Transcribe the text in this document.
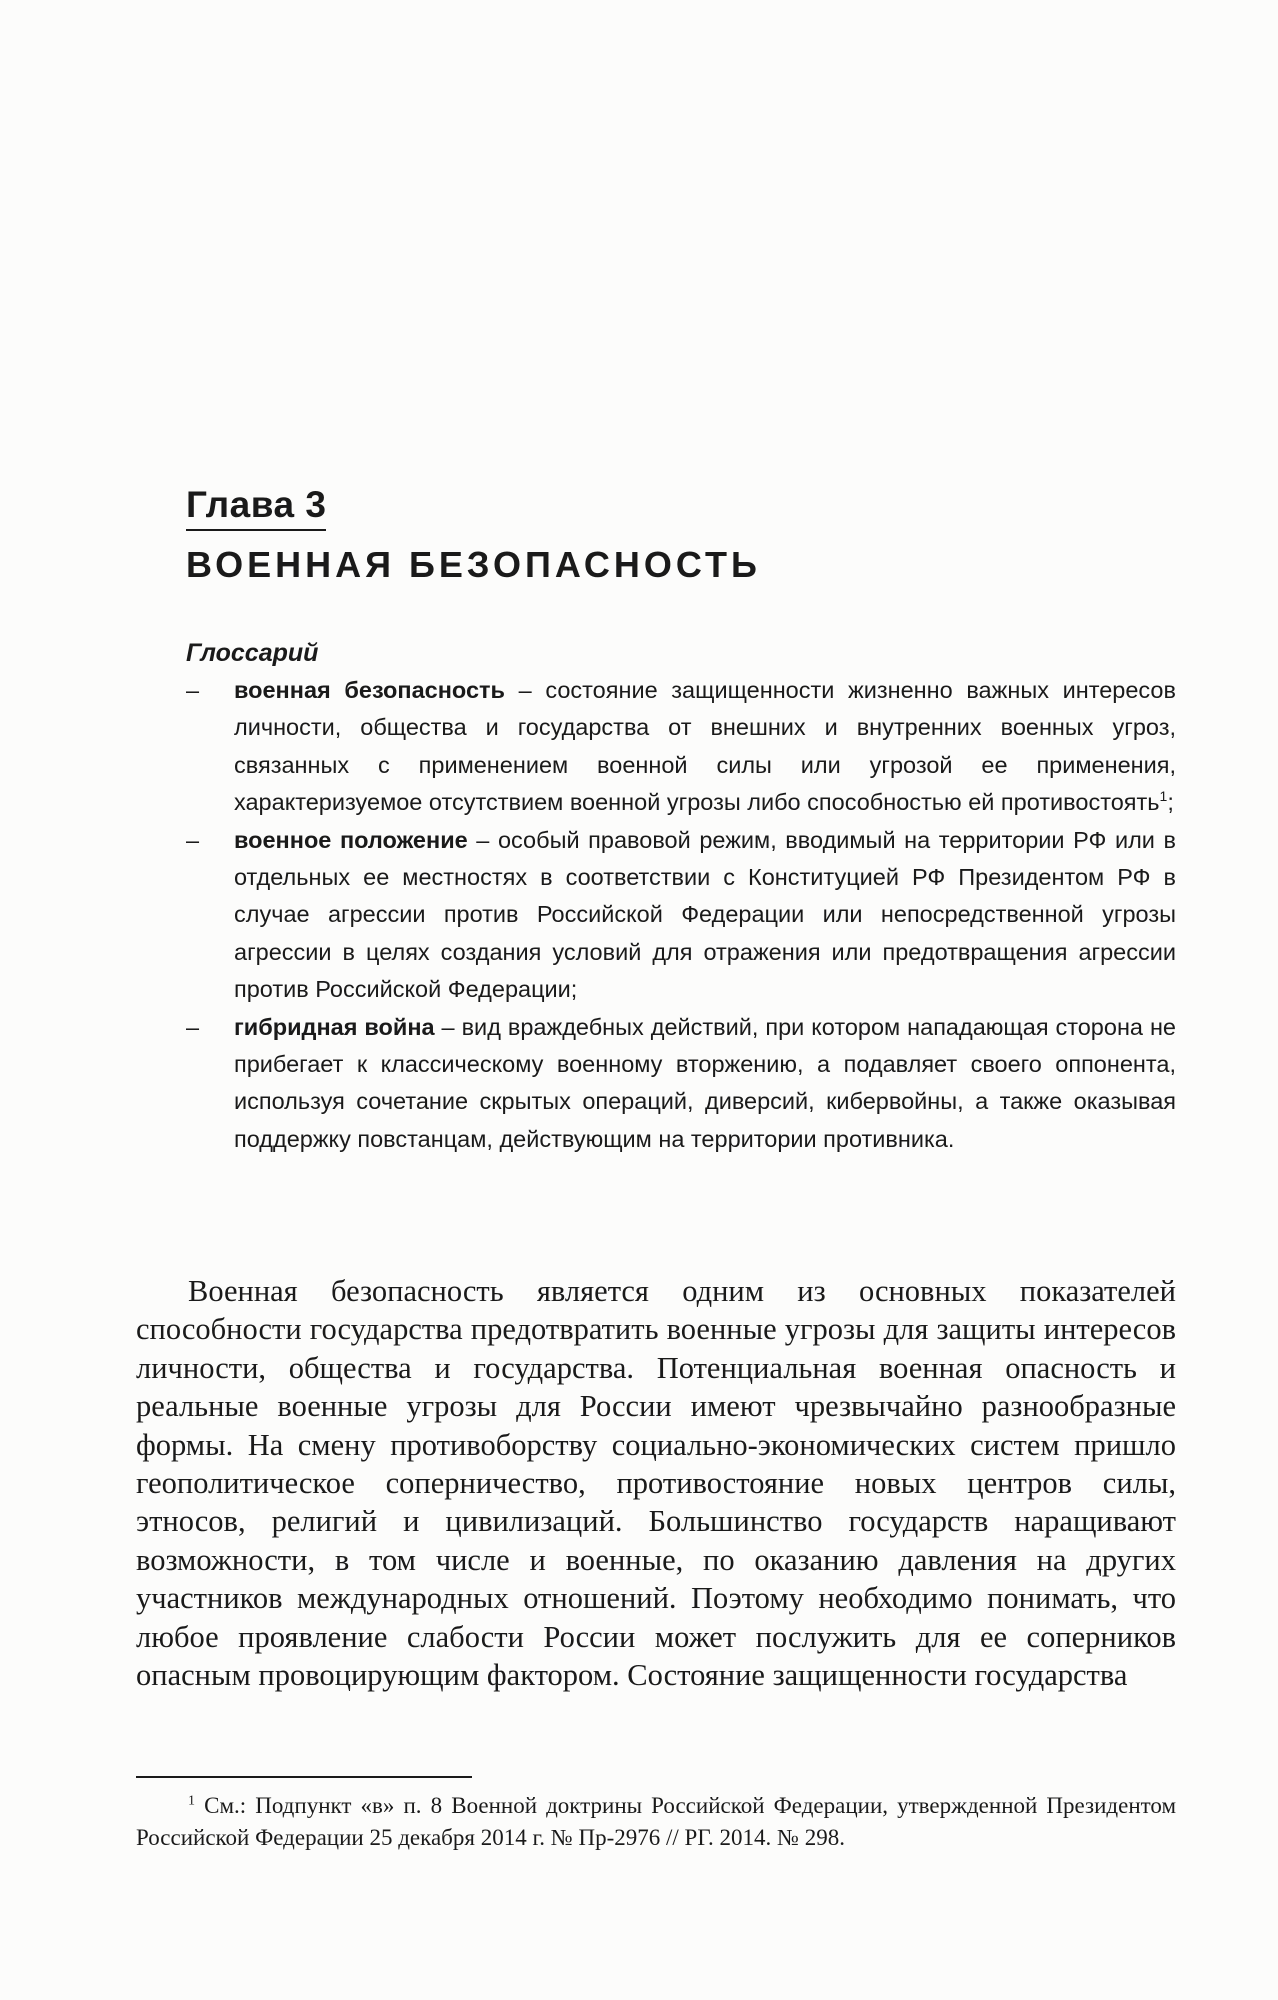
Глава 3
ВОЕННАЯ БЕЗОПАСНОСТЬ
Глоссарий
–	военная безопасность – состояние защищенности жизненно важных интересов личности, общества и государства от внешних и внутренних военных угроз, связанных с применением военной силы или угрозой ее применения, характеризуемое отсутствием военной угрозы либо способностью ей противостоять$^1$;
–	военное положение – особый правовой режим, вводимый на территории РФ или в отдельных ее местностях в соответствии с Конституцией РФ Президентом РФ в случае агрессии против Российской Федерации или непосредственной угрозы агрессии в целях создания условий для отражения или предотвращения агрессии против Российской Федерации;
–	гибридная война – вид враждебных действий, при котором нападающая сторона не прибегает к классическому военному вторжению, а подавляет своего оппонента, используя сочетание скрытых операций, диверсий, кибервойны, а также оказывая поддержку повстанцам, действующим на территории противника.

Военная безопасность является одним из основных показателей способности государства предотвратить военные угрозы для защиты интересов личности, общества и государства. Потенциальная военная опасность и реальные военные угрозы для России имеют чрезвычайно разнообразные формы. На смену противоборству социально-экономических систем пришло геополитическое соперничество, противостояние новых центров силы, этносов, религий и цивилизаций. Большинство государств наращивают возможности, в том числе и военные, по оказанию давления на других участников международных отношений. Поэтому необходимо понимать, что любое проявление слабости России может послужить для ее соперников опасным провоцирующим фактором. Состояние защищенности государства

$^1$ См.: Подпункт «в» п. 8 Военной доктрины Российской Федерации, утвержденной Президентом Российской Федерации 25 декабря 2014 г. № Пр-2976 // РГ. 2014. № 298.
